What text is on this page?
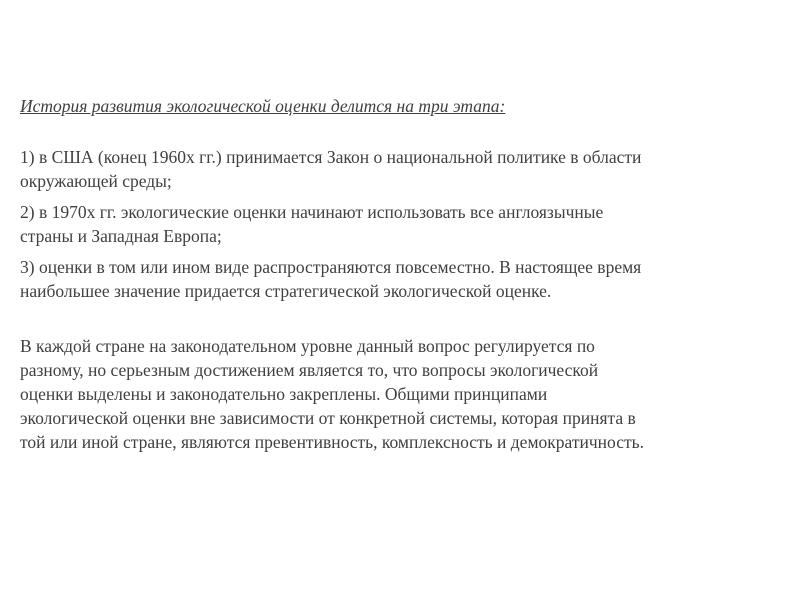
История развития экологической оценки делится на три этапа:

1) в США (конец 1960х гг.) принимается Закон о национальной политике в области
окружающей среды;

2) в 1970х гг. экологические оценки начинают использовать все англоязычные
страны и Западная Европа;

3) оценки в том или ином виде распространяются повсеместно. В настоящее время
наибольшее значение придается стратегической экологической оценке.

В каждой стране на законодательном уровне данный вопрос регулируется по
разному, но серьезным достижением является то, что вопросы экологической
оценки выделены и законодательно закреплены. Общими принципами
экологической оценки вне зависимости от конкретной системы, которая принята в
той или иной стране, являются превентивность, комплексность и демократичность.
